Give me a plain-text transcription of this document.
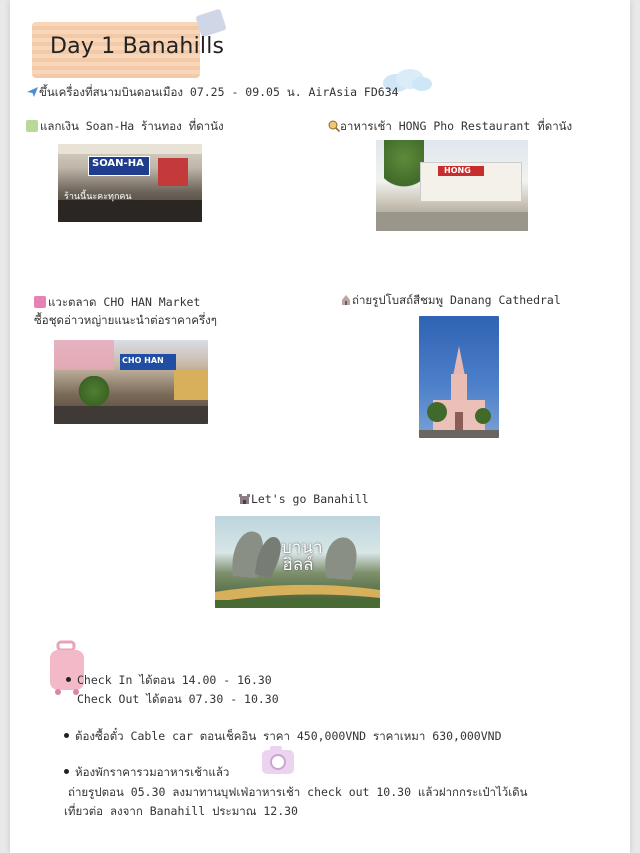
Day 1 Banahills
ขึ้นเครื่องที่สนามบินดอนเมือง 07.25 - 09.05 น. AirAsia FD634
แลกเงิน Soan-Ha ร้านทอง ที่ดานัง
SOAN-HA
ร้านนี้นะคะทุกคน
อาหารเช้า HONG Pho Restaurant ที่ดานัง
HONG
แวะตลาด CHO HAN Market
ซื้อชุดอ่าวหญ่ายแนะนำต่อราคาครึ่งๆ
CHO HAN
ถ่ายรูปโบสถ์สีชมพู Danang Cathedral
Let's go Banahill
บานา ฮิลล์
Check In ได้ตอน 14.00 - 16.30
Check Out ได้ตอน 07.30 - 10.30
ต้องซื้อตั๋ว Cable car ตอนเช็คอิน ราคา 450,000VND ราคาเหมา 630,000VND
ห้องพักราคารวมอาหารเช้าแล้ว
ถ่ายรูปตอน 05.30 ลงมาทานบุฟเฟ่อาหารเช้า check out 10.30 แล้วฝากกระเป๋าไว้เดิน
เที่ยวต่อ ลงจาก Banahill ประมาณ 12.30
